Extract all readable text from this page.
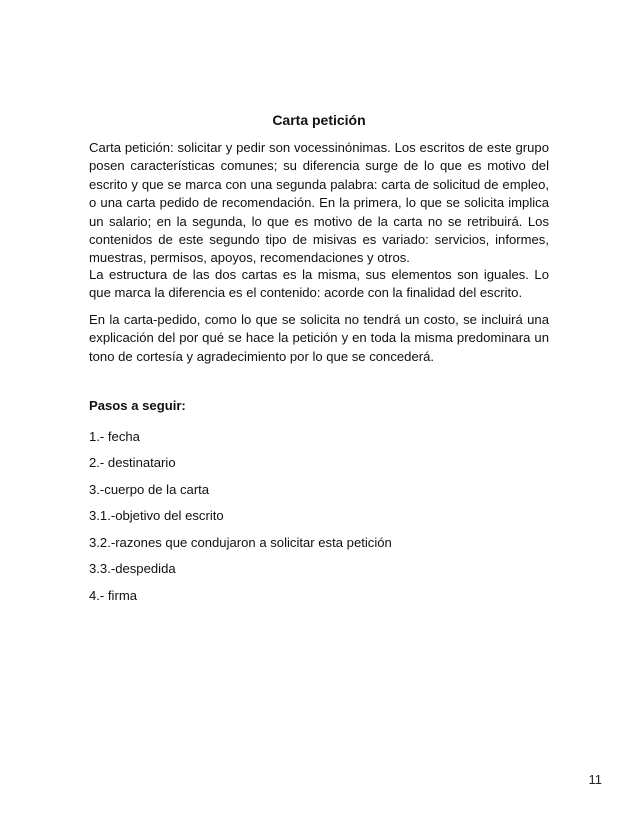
Carta petición

Carta petición: solicitar y pedir son vocessinónimas. Los escritos de este grupo posen características comunes; su diferencia surge de lo que es motivo del escrito y que se marca con una segunda palabra: carta de solicitud de empleo, o una carta pedido de recomendación. En la primera, lo que se solicita implica un salario; en la segunda, lo que es motivo de la carta no se retribuirá. Los contenidos de este segundo tipo de misivas es variado: servicios, informes, muestras, permisos, apoyos, recomendaciones y otros.

La estructura de las dos cartas es la misma, sus elementos son iguales. Lo que marca la diferencia es el contenido: acorde con la finalidad del escrito.

En la carta-pedido, como lo que se solicita no tendrá un costo, se incluirá una explicación del por qué se hace la petición y en toda la misma predominara un tono de cortesía y agradecimiento por lo que se concederá.

Pasos a seguir:
1.- fecha
2.- destinatario
3.-cuerpo de la carta
3.1.-objetivo del escrito
3.2.-razones que condujaron a solicitar esta petición
3.3.-despedida
4.- firma
11
